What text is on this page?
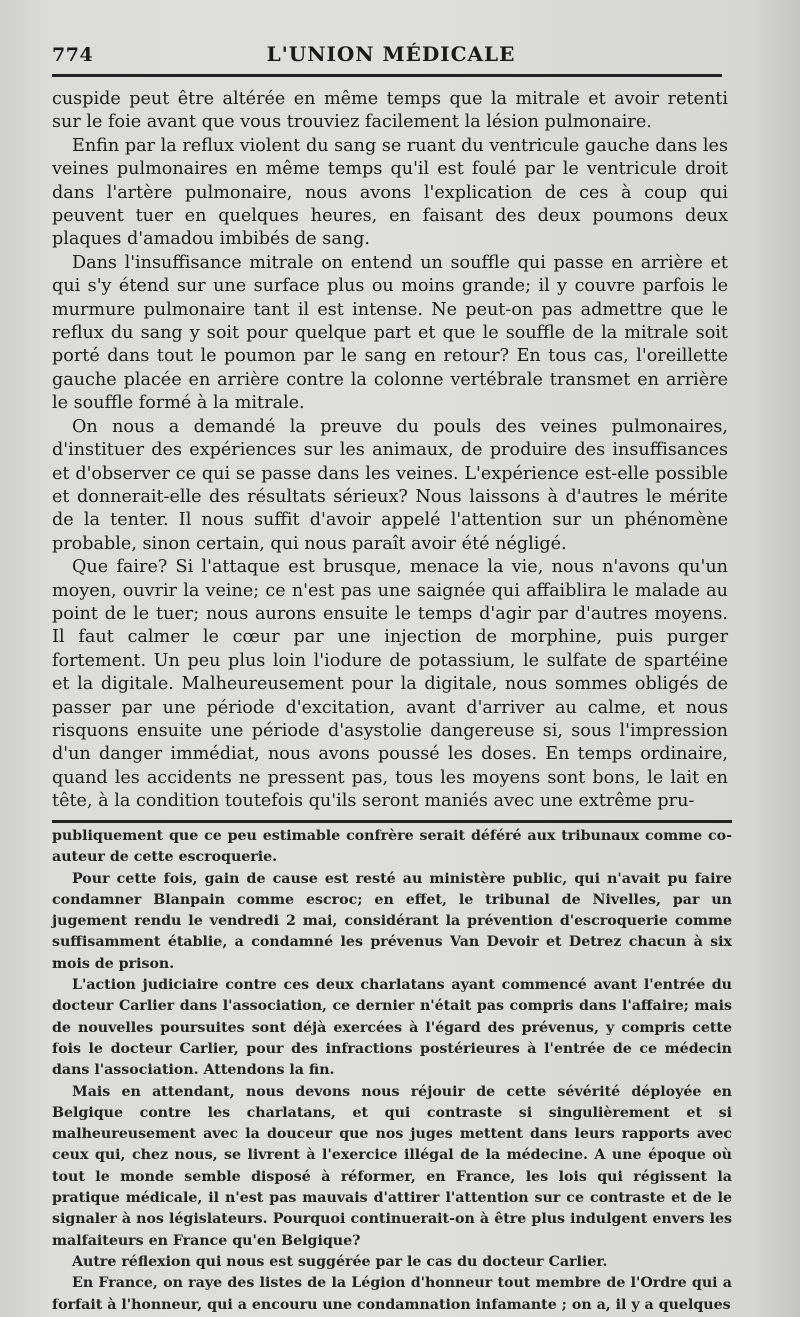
774	L'UNION MÉDICALE

cuspide peut être altérée en même temps que la mitrale et avoir retenti sur le foie avant que vous trouviez facilement la lésion pulmonaire.

Enfin par la reflux violent du sang se ruant du ventricule gauche dans les veines pulmonaires en même temps qu'il est foulé par le ventricule droit dans l'artère pulmonaire, nous avons l'explication de ces à coup qui peuvent tuer en quelques heures, en faisant des deux poumons deux plaques d'amadou imbibés de sang.

Dans l'insuffisance mitrale on entend un souffle qui passe en arrière et qui s'y étend sur une surface plus ou moins grande; il y couvre parfois le murmure pulmonaire tant il est intense. Ne peut-on pas admettre que le reflux du sang y soit pour quelque part et que le souffle de la mitrale soit porté dans tout le poumon par le sang en retour? En tous cas, l'oreillette gauche placée en arrière contre la colonne vertébrale transmet en arrière le souffle formé à la mitrale.

On nous a demandé la preuve du pouls des veines pulmonaires, d'instituer des expériences sur les animaux, de produire des insuffisances et d'observer ce qui se passe dans les veines. L'expérience est-elle possible et donnerait-elle des résultats sérieux? Nous laissons à d'autres le mérite de la tenter. Il nous suffit d'avoir appelé l'attention sur un phénomène probable, sinon certain, qui nous paraît avoir été négligé.

Que faire? Si l'attaque est brusque, menace la vie, nous n'avons qu'un moyen, ouvrir la veine; ce n'est pas une saignée qui affaiblira le malade au point de le tuer; nous aurons ensuite le temps d'agir par d'autres moyens. Il faut calmer le cœur par une injection de morphine, puis purger fortement. Un peu plus loin l'iodure de potassium, le sulfate de spartéine et la digitale. Malheureusement pour la digitale, nous sommes obligés de passer par une période d'excitation, avant d'arriver au calme, et nous risquons ensuite une période d'asystolie dangereuse si, sous l'impression d'un danger immédiat, nous avons poussé les doses. En temps ordinaire, quand les accidents ne pressent pas, tous les moyens sont bons, le lait en tête, à la condition toutefois qu'ils seront maniés avec une extrême pru-

publiquement que ce peu estimable confrère serait déféré aux tribunaux comme co-auteur de cette escroquerie.

Pour cette fois, gain de cause est resté au ministère public, qui n'avait pu faire condamner Blanpain comme escroc; en effet, le tribunal de Nivelles, par un jugement rendu le vendredi 2 mai, considérant la prévention d'escroquerie comme suffisamment établie, a condamné les prévenus Van Devoir et Detrez chacun à six mois de prison.

L'action judiciaire contre ces deux charlatans ayant commencé avant l'entrée du docteur Carlier dans l'association, ce dernier n'était pas compris dans l'affaire; mais de nouvelles poursuites sont déjà exercées à l'égard des prévenus, y compris cette fois le docteur Carlier, pour des infractions postérieures à l'entrée de ce médecin dans l'association. Attendons la fin.

Mais en attendant, nous devons nous réjouir de cette sévérité déployée en Belgique contre les charlatans, et qui contraste si singulièrement et si malheureusement avec la douceur que nos juges mettent dans leurs rapports avec ceux qui, chez nous, se livrent à l'exercice illégal de la médecine. A une époque où tout le monde semble disposé à réformer, en France, les lois qui régissent la pratique médicale, il n'est pas mauvais d'attirer l'attention sur ce contraste et de le signaler à nos législateurs. Pourquoi continuerait-on à être plus indulgent envers les malfaiteurs en France qu'en Belgique?

Autre réflexion qui nous est suggérée par le cas du docteur Carlier.

En France, on raye des listes de la Légion d'honneur tout membre de l'Ordre qui a forfait à l'honneur, qui a encouru une condamnation infamante ; on a, il y a quelques
